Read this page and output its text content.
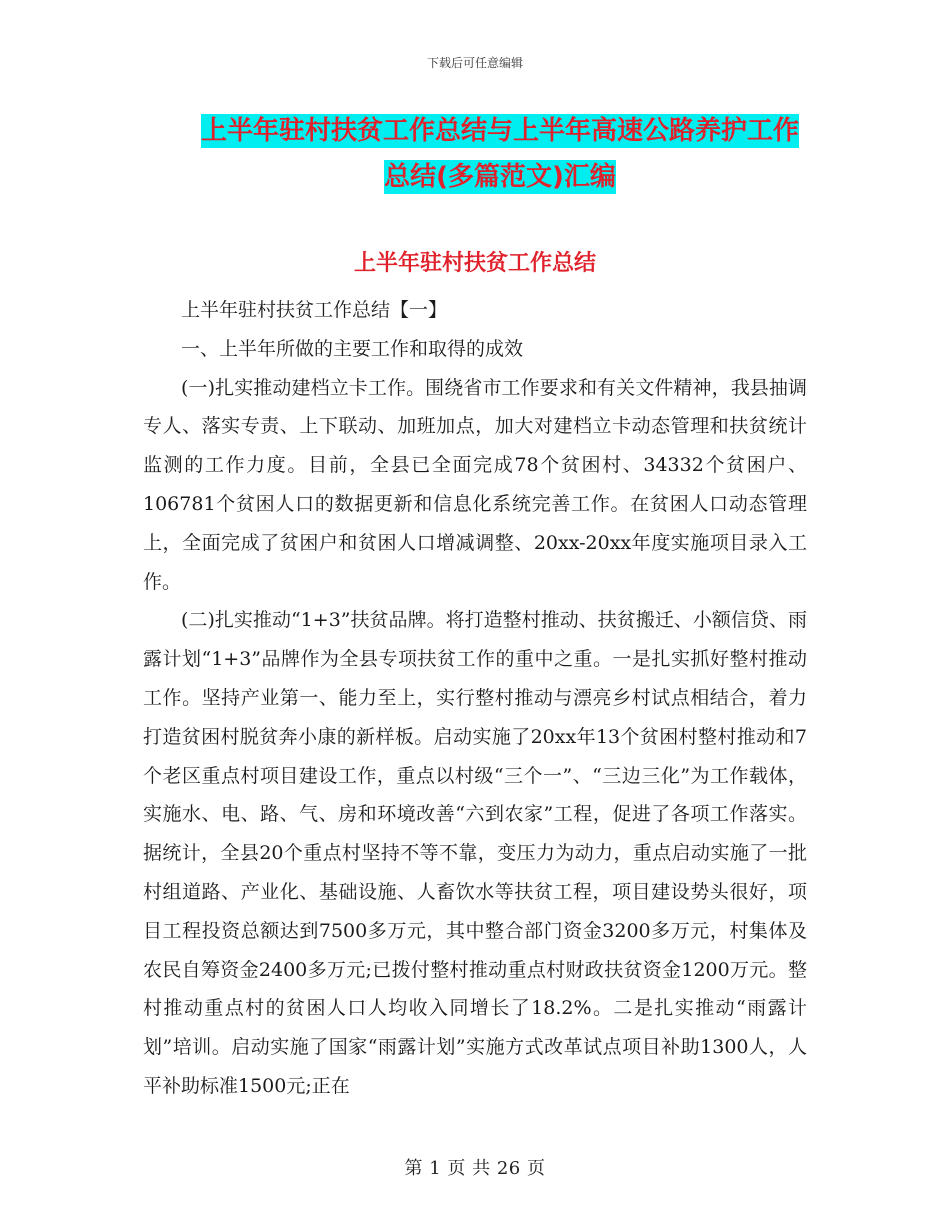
下载后可任意编辑
上半年驻村扶贫工作总结与上半年高速公路养护工作
总结(多篇范文)汇编
上半年驻村扶贫工作总结

上半年驻村扶贫工作总结【一】

一、上半年所做的主要工作和取得的成效

(一)扎实推动建档立卡工作。围绕省市工作要求和有关文件精神，我县抽调专人、落实专责、上下联动、加班加点，加大对建档立卡动态管理和扶贫统计监测的工作力度。目前，全县已全面完成78个贫困村、34332个贫困户、106781个贫困人口的数据更新和信息化系统完善工作。在贫困人口动态管理上，全面完成了贫困户和贫困人口增减调整、20xx-20xx年度实施项目录入工作。

(二)扎实推动“1+3”扶贫品牌。将打造整村推动、扶贫搬迁、小额信贷、雨露计划“1+3”品牌作为全县专项扶贫工作的重中之重。一是扎实抓好整村推动工作。坚持产业第一、能力至上，实行整村推动与漂亮乡村试点相结合，着力打造贫困村脱贫奔小康的新样板。启动实施了20xx年13个贫困村整村推动和7个老区重点村项目建设工作，重点以村级“三个一”、“三边三化”为工作载体，实施水、电、路、气、房和环境改善“六到农家”工程，促进了各项工作落实。据统计，全县20个重点村坚持不等不靠，变压力为动力，重点启动实施了一批村组道路、产业化、基础设施、人畜饮水等扶贫工程，项目建设势头很好，项目工程投资总额达到7500多万元，其中整合部门资金3200多万元，村集体及农民自筹资金2400多万元;已拨付整村推动重点村财政扶贫资金1200万元。整村推动重点村的贫困人口人均收入同增长了18.2%。二是扎实推动“雨露计划”培训。启动实施了国家“雨露计划”实施方式改革试点项目补助1300人，人平补助标准1500元;正在

第 1 页 共 26 页
